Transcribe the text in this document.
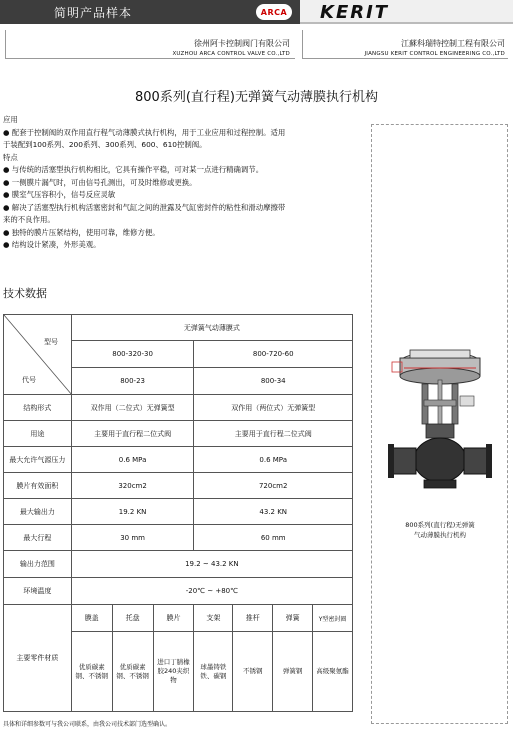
简明产品样本	ARCA KERIT
徐州阿卡控制阀门有限公司
XUZHOU ARCA CONTROL VALVE CO.,LTD
江蘇科瑞特控制工程有限公司
JIANGSU KERIT CONTROL ENGINEERING CO.,LTD
800系列(直行程)无弹簧气动薄膜执行机构

应用

● 配套于控制阀的双作用直行程气动薄膜式执行机构，用于工业应用和过程控制。适用

于装配到100系列、200系列、300系列、600、610控制阀。

特点

● 与传统的活塞型执行机构相比，它具有操作平稳，可对某一点进行精确调节。

● 一侧膜片漏气时，可由信号孔测出，可及时维修或更换。

● 膜室气压容积小，信号反应灵敏

● 解决了活塞型执行机构活塞密封和气缸之间的泄露及气缸密封件的粘性和滑动摩擦带

来的不良作用。

● 独特的膜片压紧结构，使用可靠，维修方便。

● 结构设计紧凑，外形美观。

技术数据
型号
代号	无弹簧气动薄膜式						
	800-320-30			800-720-60			
	800-23			800-34			
结构形式	双作用（二位式）无弹簧型			双作用（两位式）无弹簧型			
用途	主要用于直行程二位式阀			主要用于直行程二位式阀			
最大允许气源压力	0.6 MPa			0.6 MPa			
膜片有效面积	320cm2			720cm2			
最大输出力	19.2 KN			43.2 KN			
最大行程	30 mm			60 mm			
输出力范围	19.2 ~ 43.2 KN						
环境温度	-20℃ ~ +80℃						
主要零件材质	膜盖	托盘	膜片	支架	推杆	弹簧	Y型密封圈
	优质碳素钢、不锈钢	优质碳素钢、不锈钢	进口丁腈橡胶240夹织物	球墨铸铁铁、碳钢	不锈钢	弹簧钢	高级聚氨酯
800系列(直行程)无弹簧
气动薄膜执行机构
具体和详细参数可与我公司联系，由我公司技术部门选型确认。
